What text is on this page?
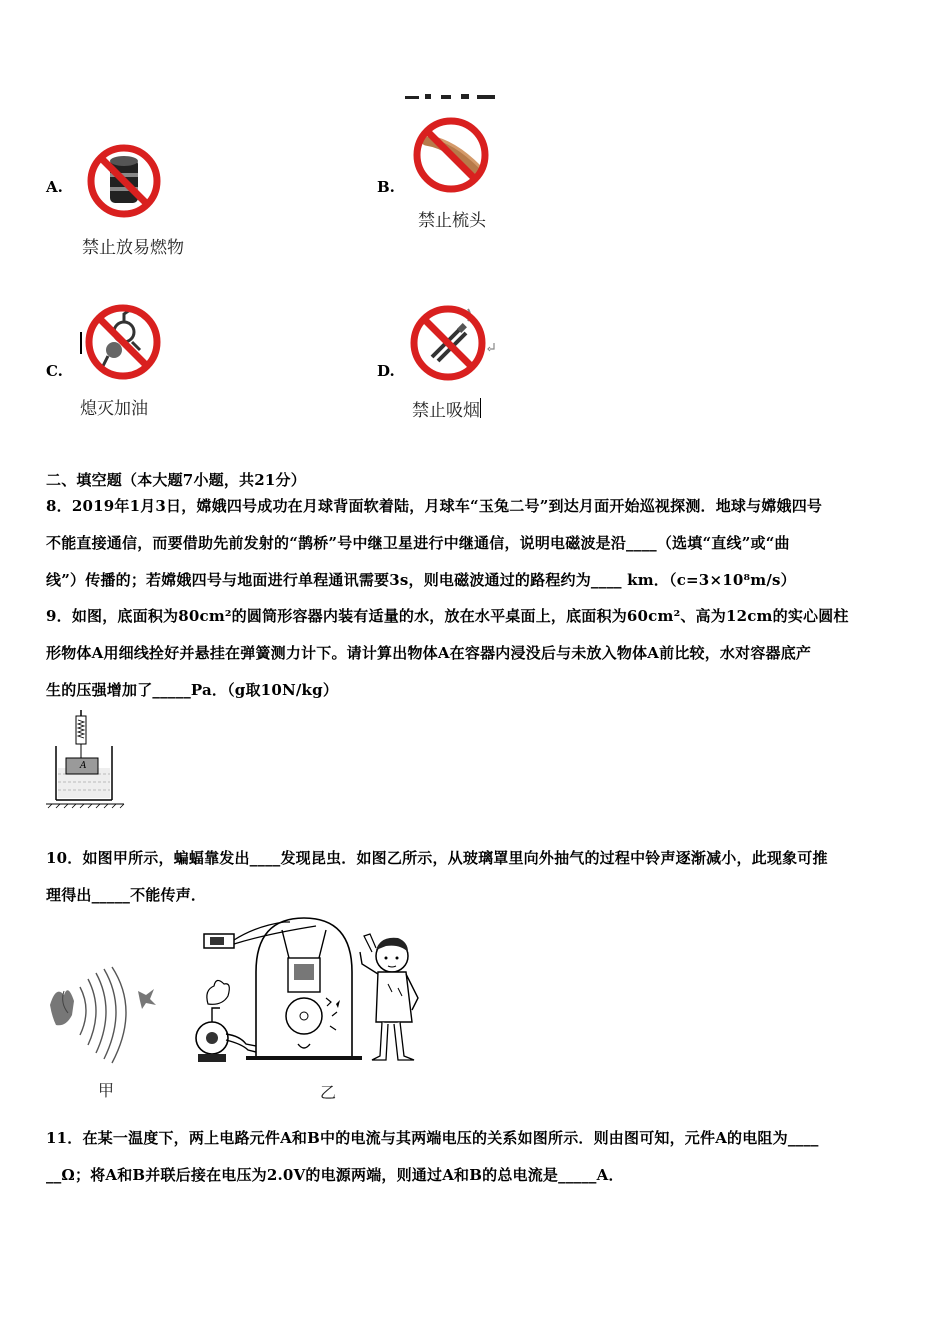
A.
禁止放易燃物
B.
禁止梳头
C.
熄灭加油
D.
禁止吸烟
二、填空题（本大题7小题，共21分）
8．2019年1月3日，嫦娥四号成功在月球背面软着陆，月球车“玉兔二号”到达月面开始巡视探测．地球与嫦娥四号
不能直接通信，而要借助先前发射的“鹊桥”号中继卫星进行中继通信，说明电磁波是沿____（选填“直线”或“曲
线”）传播的；若嫦娥四号与地面进行单程通讯需要3s，则电磁波通过的路程约为____ km．（c=3×10⁸m/s）
9．如图，底面积为80cm²的圆筒形容器内装有适量的水，放在水平桌面上，底面积为60cm²、高为12cm的实心圆柱
形物体A用细线拴好并悬挂在弹簧测力计下。请计算出物体A在容器内浸没后与未放入物体A前比较，水对容器底产
生的压强增加了_____Pa．（g取10N/kg）
A
10．如图甲所示，蝙蝠靠发出____发现昆虫．如图乙所示，从玻璃罩里向外抽气的过程中铃声逐渐减小，此现象可推
理得出_____不能传声．
甲	乙
11．在某一温度下，两上电路元件A和B中的电流与其两端电压的关系如图所示．则由图可知，元件A的电阻为____
__Ω；将A和B并联后接在电压为2.0V的电源两端，则通过A和B的总电流是_____A．
